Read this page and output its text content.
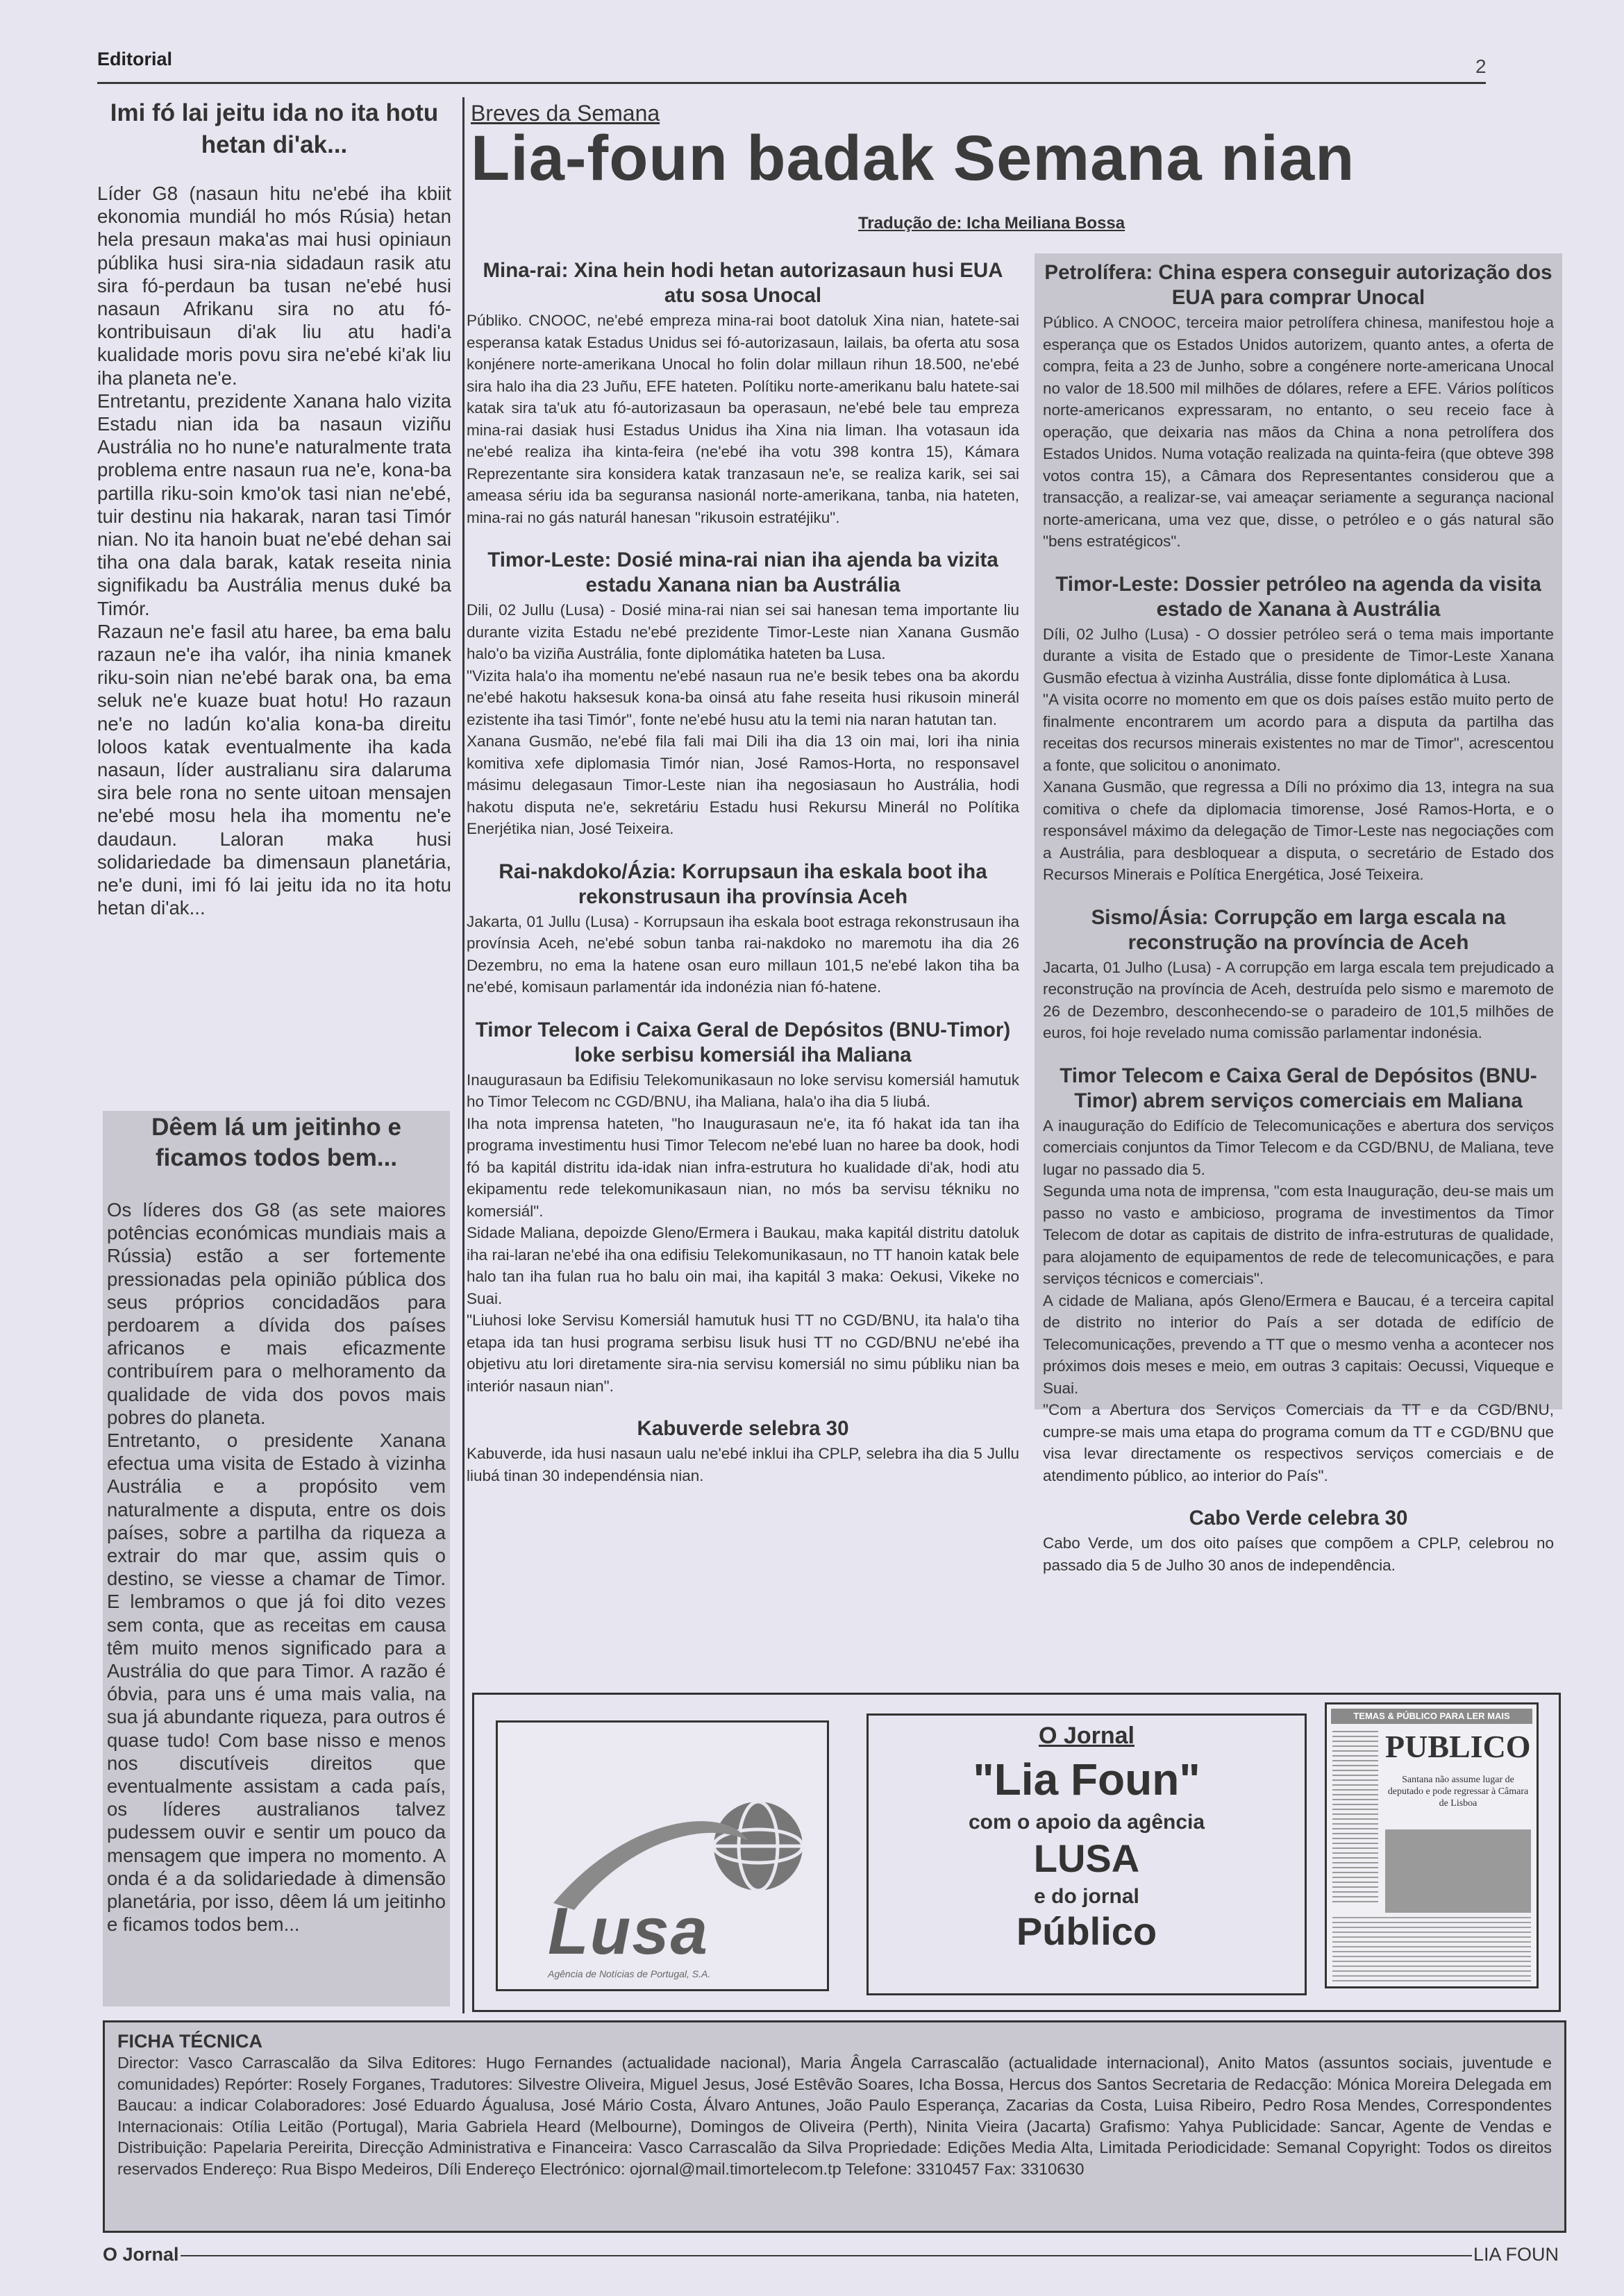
Editorial	2
Imi fó lai jeitu ida no ita hotu hetan di'ak...

Líder G8 (nasaun hitu ne'ebé iha kbiit ekonomia mundiál ho mós Rúsia) hetan hela presaun maka'as mai husi opiniaun públika husi sira-nia sidadaun rasik atu sira fó-perdaun ba tusan ne'ebé husi nasaun Afrikanu sira no atu fó-kontribuisaun di'ak liu atu hadi'a kualidade moris povu sira ne'ebé ki'ak liu iha planeta ne'e.

Entretantu, prezidente Xanana halo vizita Estadu nian ida ba nasaun viziñu Austrália no ho nune'e naturalmente trata problema entre nasaun rua ne'e, kona-ba partilla riku-soin kmo'ok tasi nian ne'ebé, tuir destinu nia hakarak, naran tasi Timór nian. No ita hanoin buat ne'ebé dehan sai tiha ona dala barak, katak reseita ninia signifikadu ba Austrália menus duké ba Timór.

Razaun ne'e fasil atu haree, ba ema balu razaun ne'e iha valór, iha ninia kmanek riku-soin nian ne'ebé barak ona, ba ema seluk ne'e kuaze buat hotu! Ho razaun ne'e no ladún ko'alia kona-ba direitu loloos katak eventualmente iha kada nasaun, líder australianu sira dalaruma sira bele rona no sente uitoan mensajen ne'ebé mosu hela iha momentu ne'e daudaun. Laloran maka husi solidariedade ba dimensaun planetária, ne'e duni, imi fó lai jeitu ida no ita hotu hetan di'ak...

Dêem lá um jeitinho e ficamos todos bem...

Os líderes dos G8 (as sete maiores potências económicas mundiais mais a Rússia) estão a ser fortemente pressionadas pela opinião pública dos seus próprios concidadãos para perdoarem a dívida dos países africanos e mais eficazmente contribuírem para o melhoramento da qualidade de vida dos povos mais pobres do planeta.

Entretanto, o presidente Xanana efectua uma visita de Estado à vizinha Austrália e a propósito vem naturalmente a disputa, entre os dois países, sobre a partilha da riqueza a extrair do mar que, assim quis o destino, se viesse a chamar de Timor. E lembramos o que já foi dito vezes sem conta, que as receitas em causa têm muito menos significado para a Austrália do que para Timor. A razão é óbvia, para uns é uma mais valia, na sua já abundante riqueza, para outros é quase tudo! Com base nisso e menos nos discutíveis direitos que eventualmente assistam a cada país, os líderes australianos talvez pudessem ouvir e sentir um pouco da mensagem que impera no momento. A onda é a da solidariedade à dimensão planetária, por isso, dêem lá um jeitinho e ficamos todos bem...

Breves da Semana
Lia-foun badak Semana nian
Tradução de: Icha Meiliana Bossa
Mina-rai: Xina hein hodi hetan autorizasaun husi EUA atu sosa Unocal

Públiko. CNOOC, ne'ebé empreza mina-rai boot datoluk Xina nian, hatete-sai esperansa katak Estadus Unidus sei fó-autorizasaun, lailais, ba oferta atu sosa konjénere norte-amerikana Unocal ho folin dolar millaun rihun 18.500, ne'ebé sira halo iha dia 23 Juñu, EFE hateten. Polítiku norte-amerikanu balu hatete-sai katak sira ta'uk atu fó-autorizasaun ba operasaun, ne'ebé bele tau empreza mina-rai dasiak husi Estadus Unidus iha Xina nia liman. Iha votasaun ida ne'ebé realiza iha kinta-feira (ne'ebé iha votu 398 kontra 15), Kámara Reprezentante sira konsidera katak tranzasaun ne'e, se realiza karik, sei sai ameasa sériu ida ba seguransa nasionál norte-amerikana, tanba, nia hateten, mina-rai no gás naturál hanesan "rikusoin estratéjiku".

Timor-Leste: Dosié mina-rai nian iha ajenda ba vizita estadu Xanana nian ba Austrália

Dili, 02 Jullu (Lusa) - Dosié mina-rai nian sei sai hanesan tema importante liu durante vizita Estadu ne'ebé prezidente Timor-Leste nian Xanana Gusmão halo'o ba viziña Austrália, fonte diplomátika hateten ba Lusa.

"Vizita hala'o iha momentu ne'ebé nasaun rua ne'e besik tebes ona ba akordu ne'ebé hakotu haksesuk kona-ba oinsá atu fahe reseita husi rikusoin minerál ezistente iha tasi Timór", fonte ne'ebé husu atu la temi nia naran hatutan tan.

Xanana Gusmão, ne'ebé fila fali mai Dili iha dia 13 oin mai, lori iha ninia komitiva xefe diplomasia Timór nian, José Ramos-Horta, no responsavel másimu delegasaun Timor-Leste nian iha negosiasaun ho Austrália, hodi hakotu disputa ne'e, sekretáriu Estadu husi Rekursu Minerál no Polítika Enerjétika nian, José Teixeira.

Rai-nakdoko/Ázia: Korrupsaun iha eskala boot iha rekonstrusaun iha provínsia Aceh

Jakarta, 01 Jullu (Lusa) - Korrupsaun iha eskala boot estraga rekonstrusaun iha provínsia Aceh, ne'ebé sobun tanba rai-nakdoko no maremotu iha dia 26 Dezembru, no ema la hatene osan euro millaun 101,5 ne'ebé lakon tiha ba ne'ebé, komisaun parlamentár ida indonézia nian fó-hatene.

Timor Telecom i Caixa Geral de Depósitos (BNU-Timor) loke serbisu komersiál iha Maliana

Inaugurasaun ba Edifisiu Telekomunikasaun no loke servisu komersiál hamutuk ho Timor Telecom nc CGD/BNU, iha Maliana, hala'o iha dia 5 liubá.

Iha nota imprensa hateten, "ho Inaugurasaun ne'e, ita fó hakat ida tan iha programa investimentu husi Timor Telecom ne'ebé luan no haree ba dook, hodi fó ba kapitál distritu ida-idak nian infra-estrutura ho kualidade di'ak, hodi atu ekipamentu rede telekomunikasaun nian, no mós ba servisu tékniku no komersiál".

Sidade Maliana, depoizde Gleno/Ermera i Baukau, maka kapitál distritu datoluk iha rai-laran ne'ebé iha ona edifisiu Telekomunikasaun, no TT hanoin katak bele halo tan iha fulan rua ho balu oin mai, iha kapitál 3 maka: Oekusi, Vikeke no Suai.

"Liuhosi loke Servisu Komersiál hamutuk husi TT no CGD/BNU, ita hala'o tiha etapa ida tan husi programa serbisu lisuk husi TT no CGD/BNU ne'ebé iha objetivu atu lori diretamente sira-nia servisu komersiál no simu públiku nian ba interiór nasaun nian".

Kabuverde selebra 30

Kabuverde, ida husi nasaun ualu ne'ebé inklui iha CPLP, selebra iha dia 5 Jullu liubá tinan 30 independénsia nian.

Petrolífera: China espera conseguir autorização dos EUA para comprar Unocal

Público. A CNOOC, terceira maior petrolífera chinesa, manifestou hoje a esperança que os Estados Unidos autorizem, quanto antes, a oferta de compra, feita a 23 de Junho, sobre a congénere norte-americana Unocal no valor de 18.500 mil milhões de dólares, refere a EFE. Vários políticos norte-americanos expressaram, no entanto, o seu receio face à operação, que deixaria nas mãos da China a nona petrolífera dos Estados Unidos. Numa votação realizada na quinta-feira (que obteve 398 votos contra 15), a Câmara dos Representantes considerou que a transacção, a realizar-se, vai ameaçar seriamente a segurança nacional norte-americana, uma vez que, disse, o petróleo e o gás natural são "bens estratégicos".

Timor-Leste: Dossier petróleo na agenda da visita estado de Xanana à Austrália

Díli, 02 Julho (Lusa) - O dossier petróleo será o tema mais importante durante a visita de Estado que o presidente de Timor-Leste Xanana Gusmão efectua à vizinha Austrália, disse fonte diplomática à Lusa.

"A visita ocorre no momento em que os dois países estão muito perto de finalmente encontrarem um acordo para a disputa da partilha das receitas dos recursos minerais existentes no mar de Timor", acrescentou a fonte, que solicitou o anonimato.

Xanana Gusmão, que regressa a Díli no próximo dia 13, integra na sua comitiva o chefe da diplomacia timorense, José Ramos-Horta, e o responsável máximo da delegação de Timor-Leste nas negociações com a Austrália, para desbloquear a disputa, o secretário de Estado dos Recursos Minerais e Política Energética, José Teixeira.

Sismo/Ásia: Corrupção em larga escala na reconstrução na província de Aceh

Jacarta, 01 Julho (Lusa) - A corrupção em larga escala tem prejudicado a reconstrução na província de Aceh, destruída pelo sismo e maremoto de 26 de Dezembro, desconhecendo-se o paradeiro de 101,5 milhões de euros, foi hoje revelado numa comissão parlamentar indonésia.

Timor Telecom e Caixa Geral de Depósitos (BNU-Timor) abrem serviços comerciais em Maliana

A inauguração do Edifício de Telecomunicações e abertura dos serviços comerciais conjuntos da Timor Telecom e da CGD/BNU, de Maliana, teve lugar no passado dia 5.

Segunda uma nota de imprensa, "com esta Inauguração, deu-se mais um passo no vasto e ambicioso, programa de investimentos da Timor Telecom de dotar as capitais de distrito de infra-estruturas de qualidade, para alojamento de equipamentos de rede de telecomunicações, e para serviços técnicos e comerciais".

A cidade de Maliana, após Gleno/Ermera e Baucau, é a terceira capital de distrito no interior do País a ser dotada de edifício de Telecomunicações, prevendo a TT que o mesmo venha a acontecer nos próximos dois meses e meio, em outras 3 capitais: Oecussi, Viqueque e Suai.

"Com a Abertura dos Serviços Comerciais da TT e da CGD/BNU, cumpre-se mais uma etapa do programa comum da TT e CGD/BNU que visa levar directamente os respectivos serviços comerciais e de atendimento público, ao interior do País".

Cabo Verde celebra 30

Cabo Verde, um dos oito países que compõem a CPLP, celebrou no passado dia 5 de Julho 30 anos de independência.

Lusa
Agência de Notícias de Portugal, S.A.
O Jornal
"Lia Foun"
com o apoio da agência
LUSA
e do jornal
Público
TEMAS & PÚBLICO PARA LER MAIS
PUBLICO
Santana não assume lugar de deputado e pode regressar à Câmara de Lisboa
FICHA TÉCNICA
Director: Vasco Carrascalão da Silva Editores: Hugo Fernandes (actualidade nacional), Maria Ângela Carrascalão (actualidade internacional), Anito Matos (assuntos sociais, juventude e comunidades) Repórter: Rosely Forganes, Tradutores: Silvestre Oliveira, Miguel Jesus, José Estêvão Soares, Icha Bossa, Hercus dos Santos Secretaria de Redacção: Mónica Moreira Delegada em Baucau: a indicar Colaboradores: José Eduardo Águalusa, José Mário Costa, Álvaro Antunes, João Paulo Esperança, Zacarias da Costa, Luisa Ribeiro, Pedro Rosa Mendes, Correspondentes Internacionais: Otília Leitão (Portugal), Maria Gabriela Heard (Melbourne), Domingos de Oliveira (Perth), Ninita Vieira (Jacarta) Grafismo: Yahya Publicidade: Sancar, Agente de Vendas e Distribuição: Papelaria Pereirita, Direcção Administrativa e Financeira: Vasco Carrascalão da Silva Propriedade: Edições Media Alta, Limitada Periodicidade: Semanal Copyright: Todos os direitos reservados Endereço: Rua Bispo Medeiros, Díli Endereço Electrónico: ojornal@mail.timortelecom.tp Telefone: 3310457 Fax: 3310630
O Jornal	LIA FOUN
